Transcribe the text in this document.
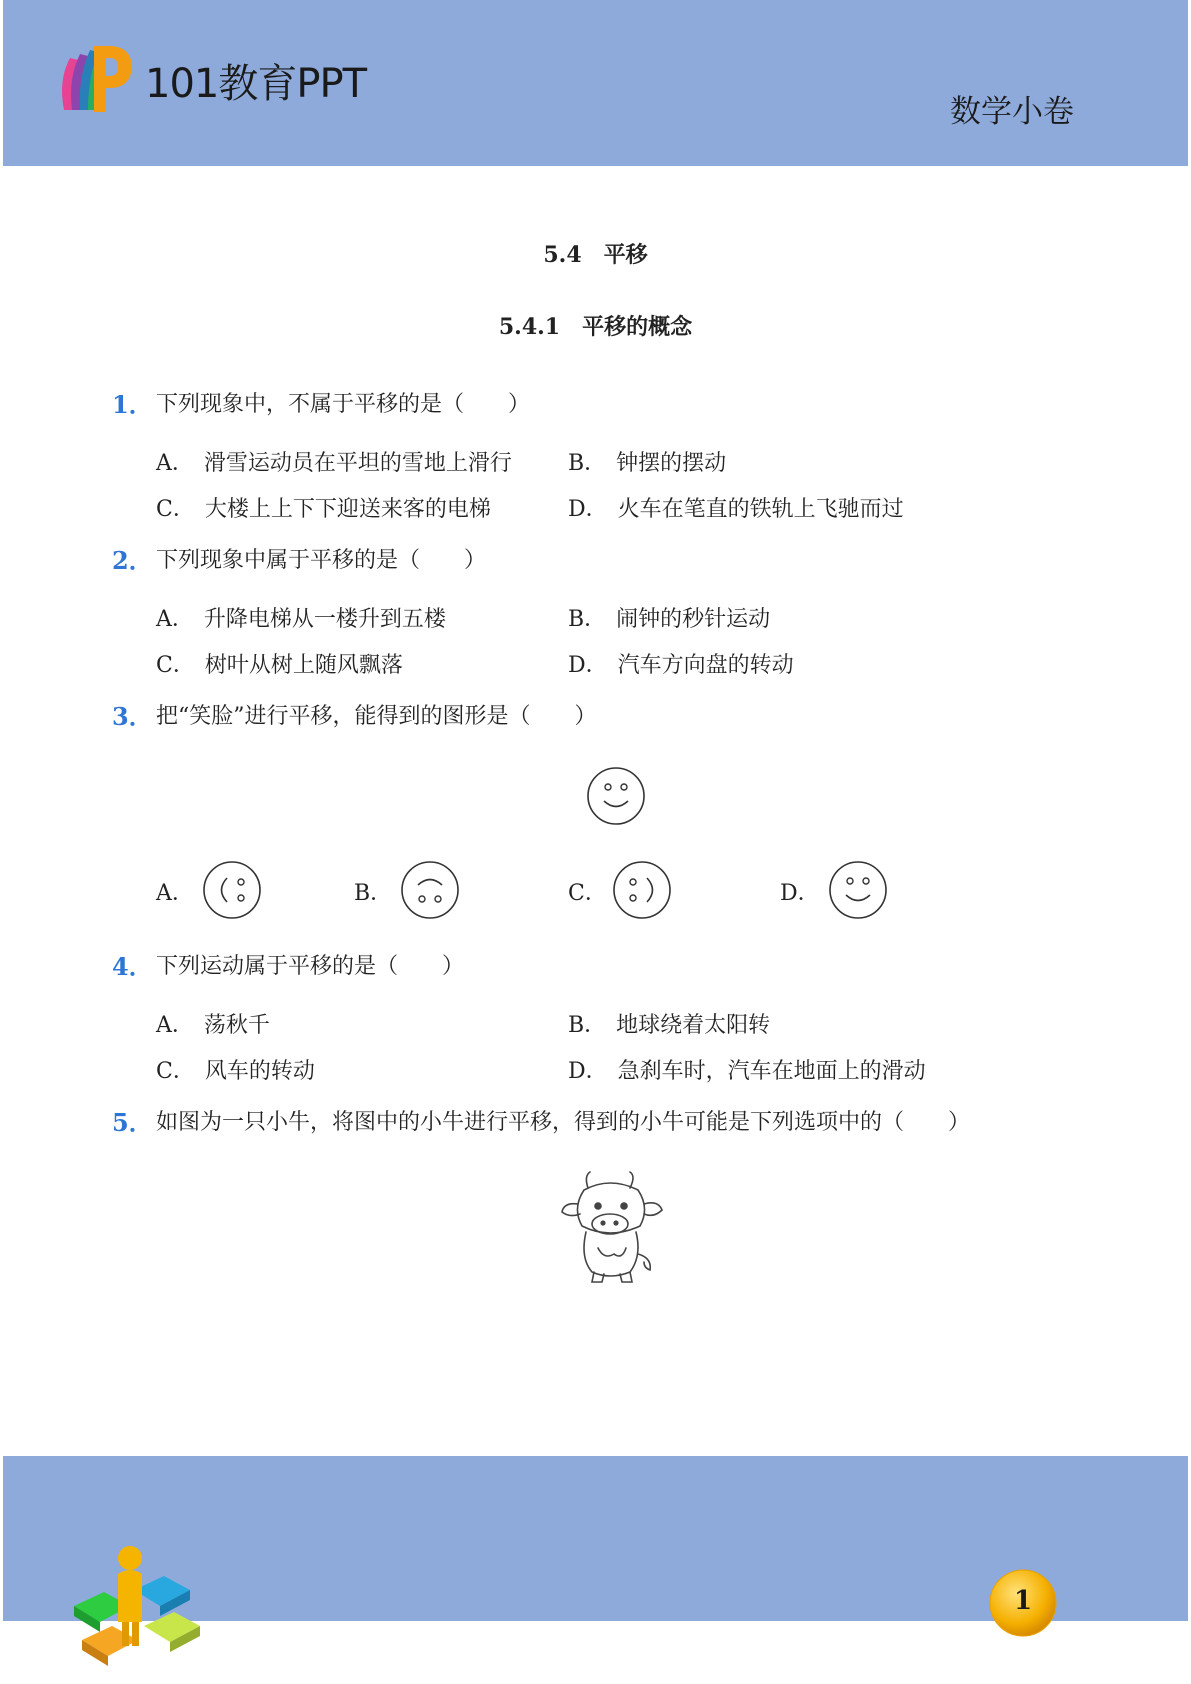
101教育PPT
数学小卷
5.4　平移
5.4.1　平移的概念
1． 下列现象中，不属于平移的是（　　）
A． 滑雪运动员在平坦的雪地上滑行	B． 钟摆的摆动
C． 大楼上上下下迎送来客的电梯	D． 火车在笔直的铁轨上飞驰而过
2． 下列现象中属于平移的是（　　）
A． 升降电梯从一楼升到五楼	B． 闹钟的秒针运动
C． 树叶从树上随风飘落	D． 汽车方向盘的转动
3． 把“笑脸”进行平移，能得到的图形是（　　）
A．	B．	C．	D．
4． 下列运动属于平移的是（　　）
A． 荡秋千	B． 地球绕着太阳转
C． 风车的转动	D． 急刹车时，汽车在地面上的滑动
5． 如图为一只小牛，将图中的小牛进行平移，得到的小牛可能是下列选项中的（　　）
1
